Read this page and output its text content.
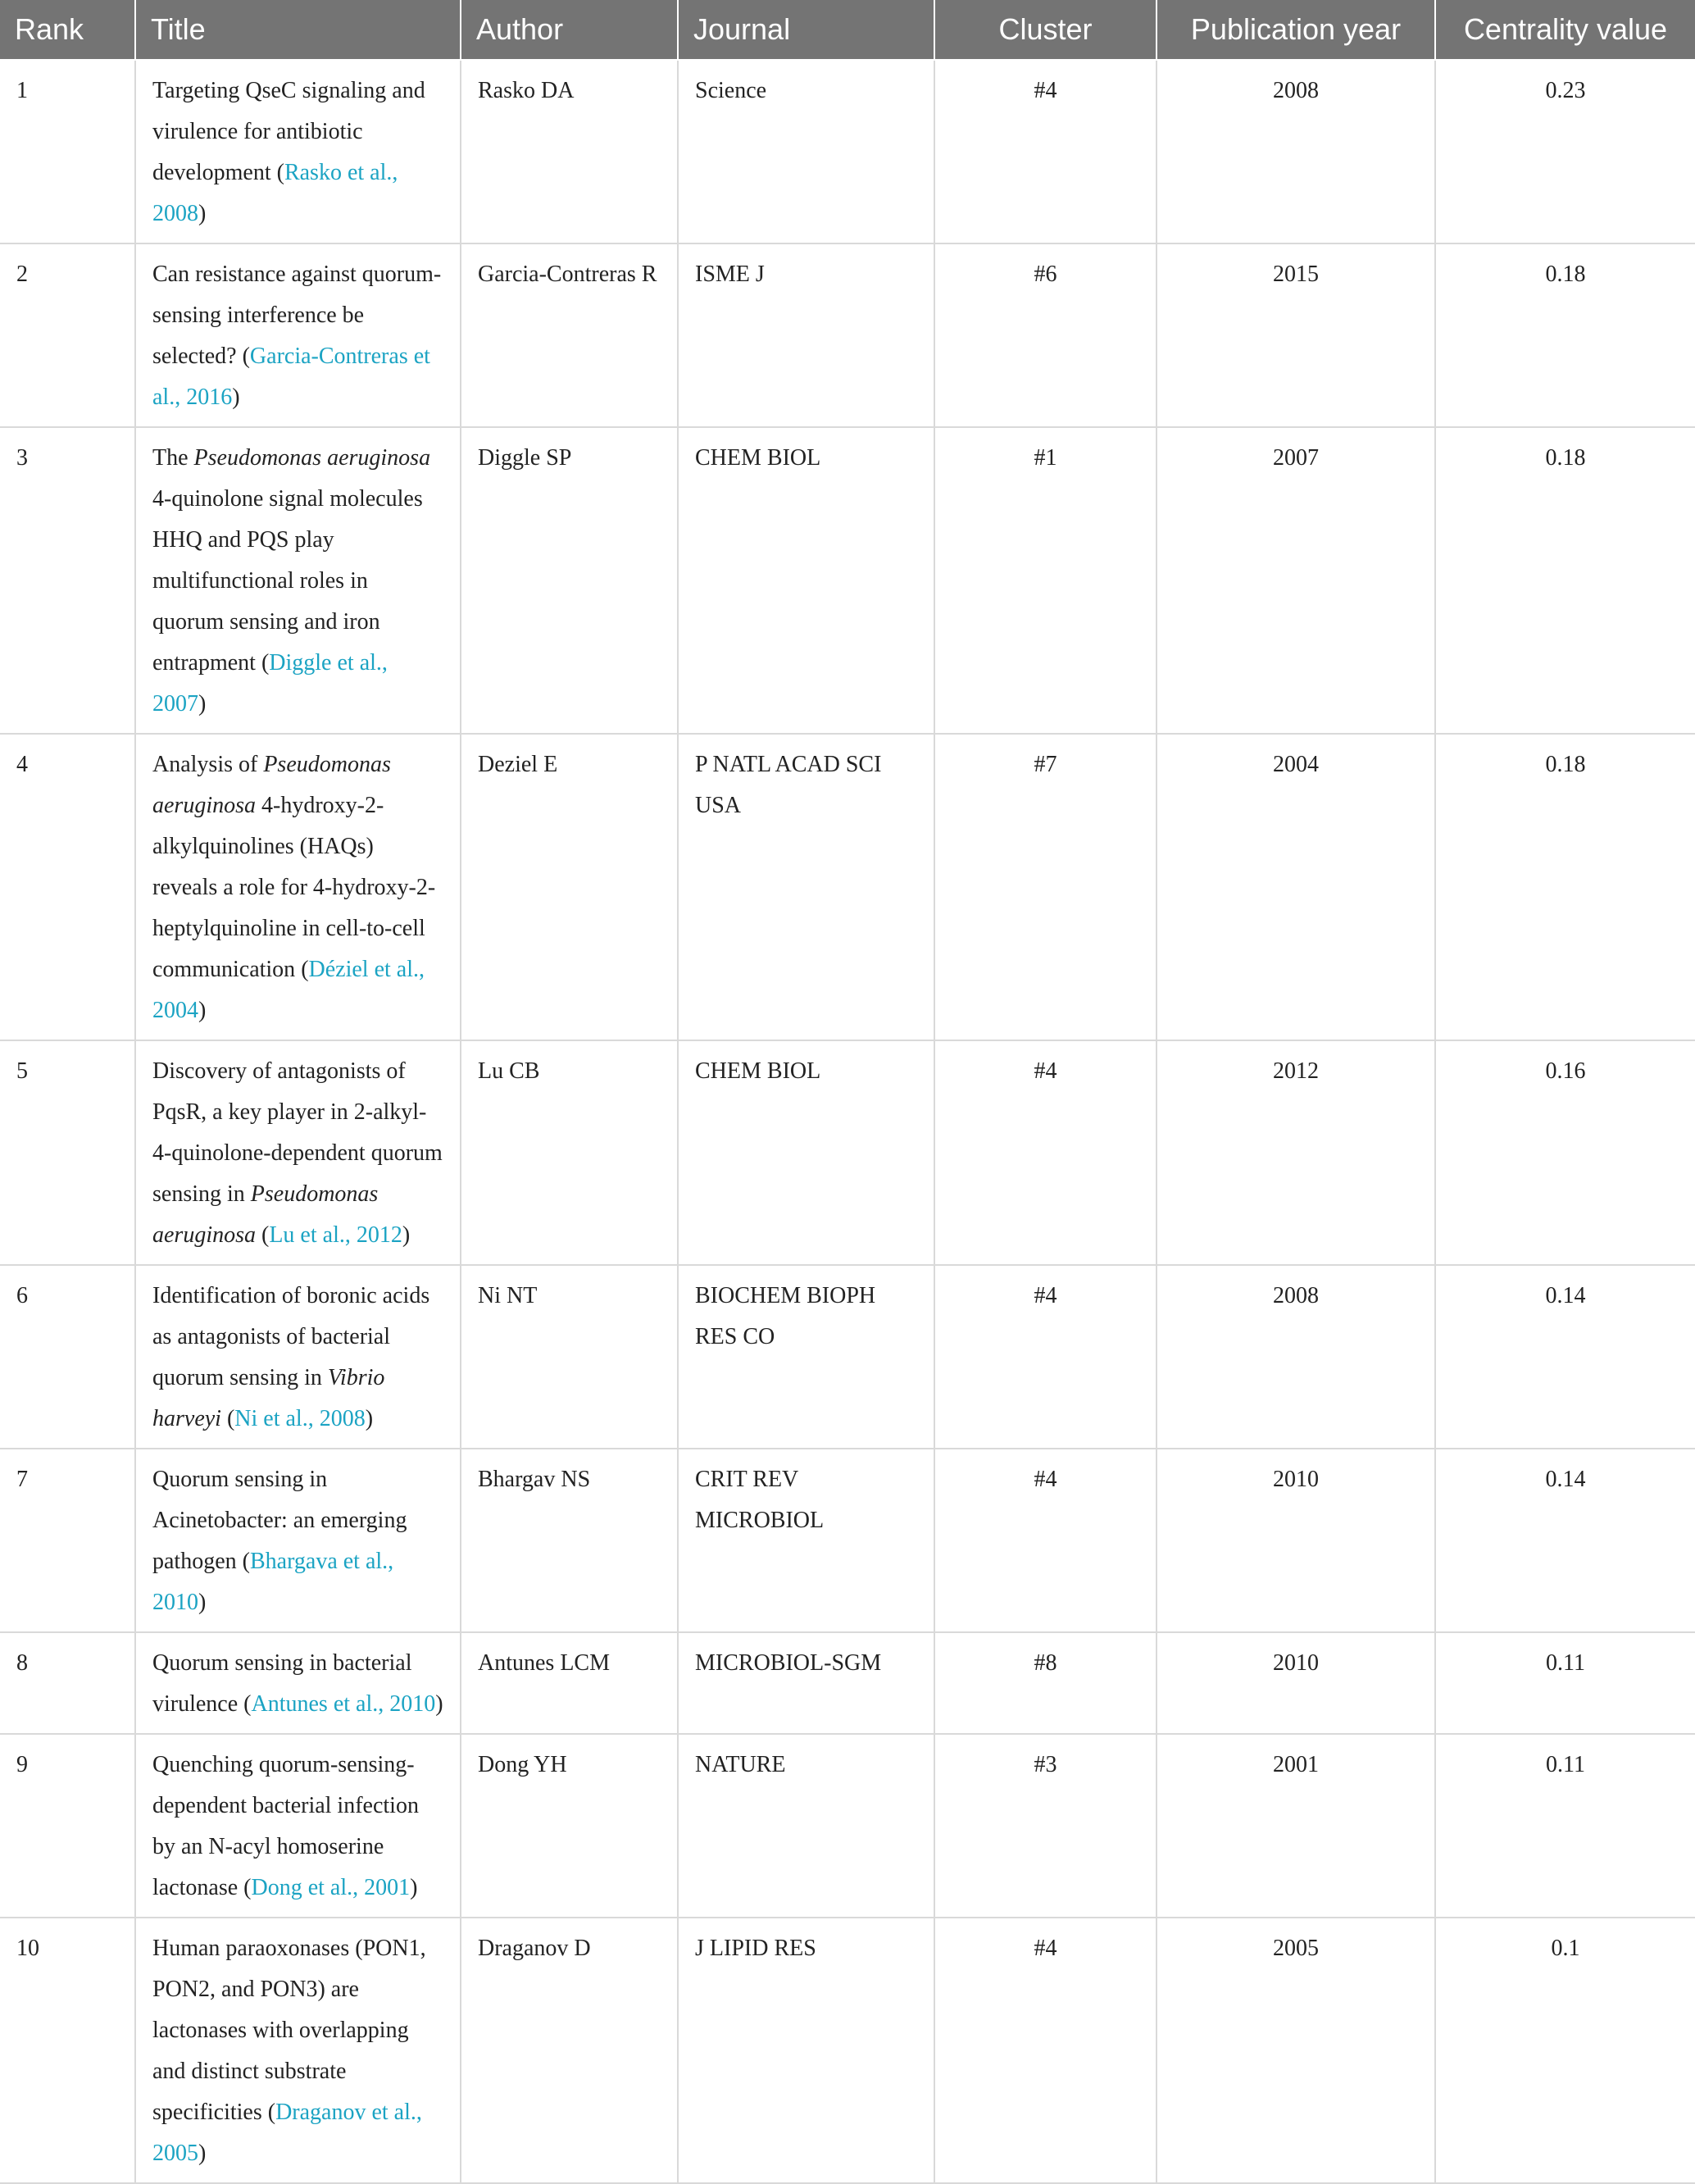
Rank	Title	Author	Journal	Cluster	Publication year	Centrality value
1	Targeting QseC signaling and virulence for antibiotic development (Rasko et al., 2008)	Rasko DA	Science	#4	2008	0.23
2	Can resistance against quorum-sensing interference be selected? (Garcia-Contreras et al., 2016)	Garcia-Contreras R	ISME J	#6	2015	0.18
3	The Pseudomonas aeruginosa 4-quinolone signal molecules HHQ and PQS play multifunctional roles in quorum sensing and iron entrapment (Diggle et al., 2007)	Diggle SP	CHEM BIOL	#1	2007	0.18
4	Analysis of Pseudomonas aeruginosa 4-hydroxy-2-alkylquinolines (HAQs) reveals a role for 4-hydroxy-2-heptylquinoline in cell-to-cell communication (Déziel et al., 2004)	Deziel E	P NATL ACAD SCI USA	#7	2004	0.18
5	Discovery of antagonists of PqsR, a key player in 2-alkyl-4-quinolone-dependent quorum sensing in Pseudomonas aeruginosa (Lu et al., 2012)	Lu CB	CHEM BIOL	#4	2012	0.16
6	Identification of boronic acids as antagonists of bacterial quorum sensing in Vibrio harveyi (Ni et al., 2008)	Ni NT	BIOCHEM BIOPH RES CO	#4	2008	0.14
7	Quorum sensing in Acinetobacter: an emerging pathogen (Bhargava et al., 2010)	Bhargav NS	CRIT REV MICROBIOL	#4	2010	0.14
8	Quorum sensing in bacterial virulence (Antunes et al., 2010)	Antunes LCM	MICROBIOL-SGM	#8	2010	0.11
9	Quenching quorum-sensing-dependent bacterial infection by an N-acyl homoserine lactonase (Dong et al., 2001)	Dong YH	NATURE	#3	2001	0.11
10	Human paraoxonases (PON1, PON2, and PON3) are lactonases with overlapping and distinct substrate specificities (Draganov et al., 2005)	Draganov D	J LIPID RES	#4	2005	0.1
